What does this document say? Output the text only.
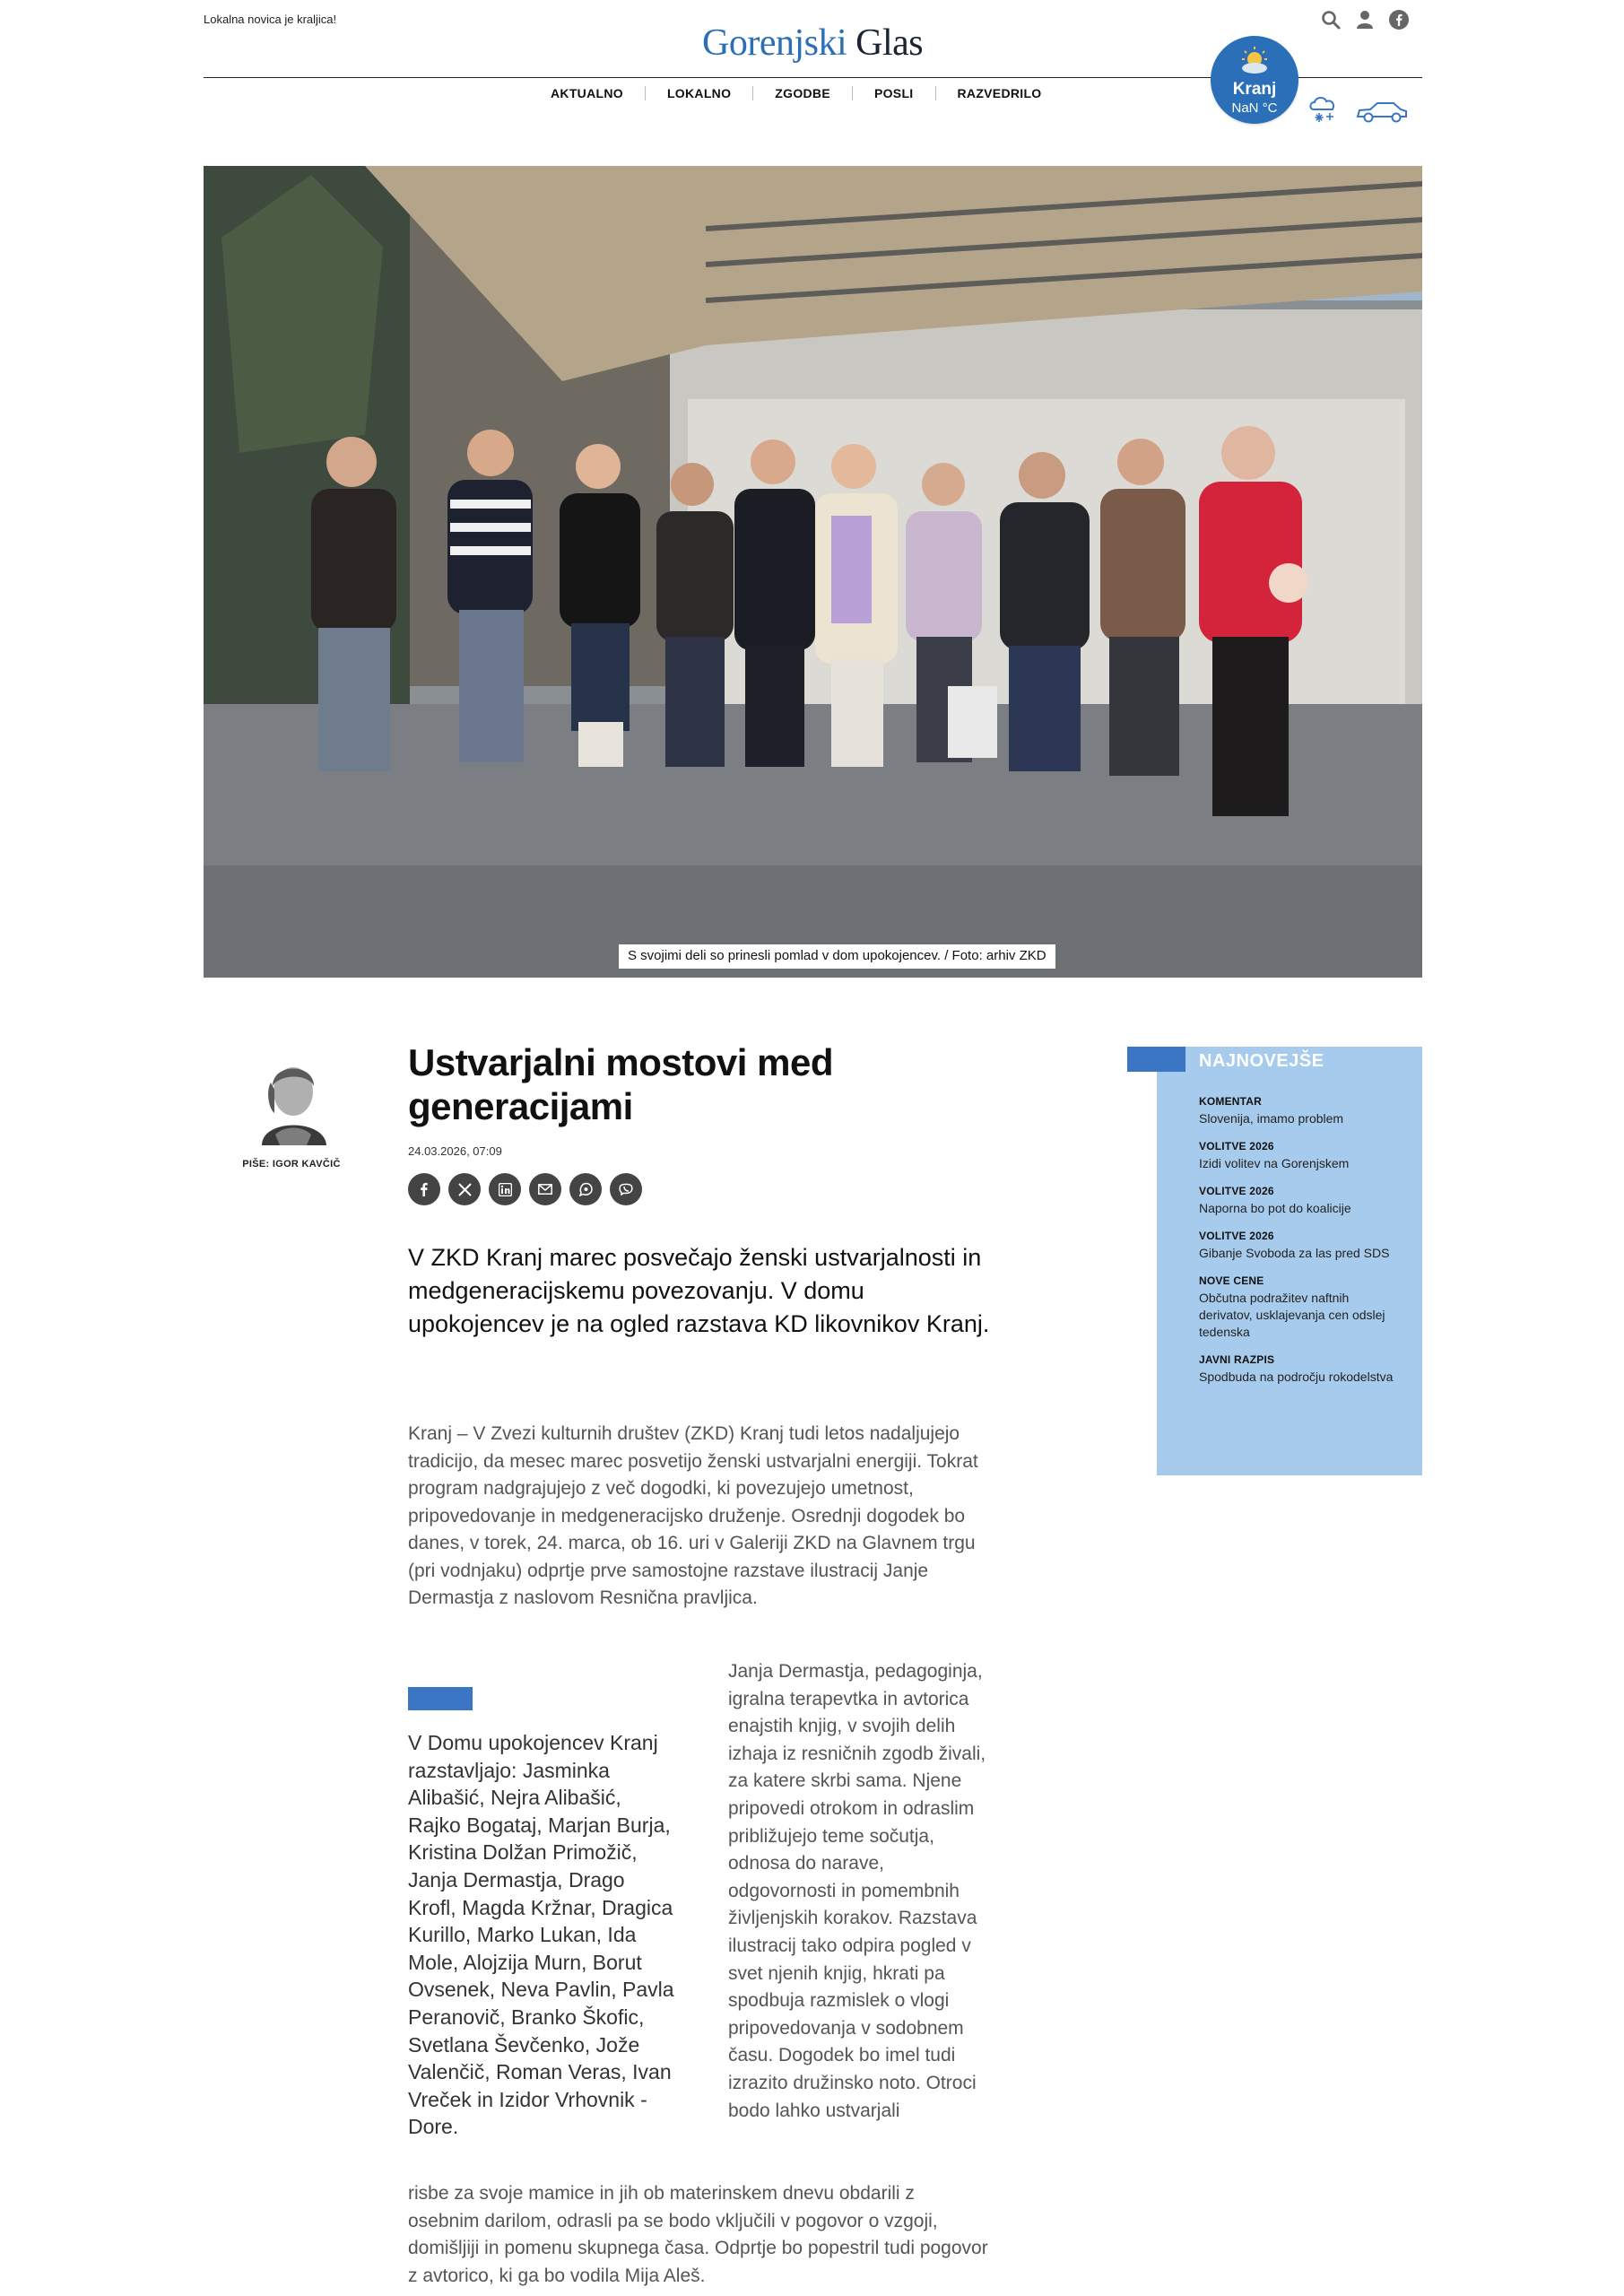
Lokalna novica je kraljica!
Gorenjski Glas
AKTUALNO	LOKALNO	ZGODBE	POSLI	RAZVEDRILO	Kranj
NaN °C
S svojimi deli so prinesli pomlad v dom upokojencev. / Foto: arhiv ZKD
PIŠE: IGOR KAVČIČ
Ustvarjalni mostovi med generacijami
24.03.2026, 07:09

V ZKD Kranj marec posvečajo ženski ustvarjalnosti in medgeneracijskemu povezovanju. V domu upokojencev je na ogled razstava KD likovnikov Kranj.

Kranj – V Zvezi kulturnih društev (ZKD) Kranj tudi letos nadaljujejo tradicijo, da mesec marec posvetijo ženski ustvarjalni energiji. Tokrat program nadgrajujejo z več dogodki, ki povezujejo umetnost, pripovedovanje in medgeneracijsko druženje. Osrednji dogodek bo danes, v torek, 24. marca, ob 16. uri v Galeriji ZKD na Glavnem trgu (pri vodnjaku) odprtje prve samostojne razstave ilustracij Janje Dermastja z naslovom Resnična pravljica.

V Domu upokojencev Kranj razstavljajo: Jasminka Alibašić, Nejra Alibašić, Rajko Bogataj, Marjan Burja, Kristina Dolžan Primožič, Janja Dermastja, Drago Krofl, Magda Kržnar, Dragica Kurillo, Marko Lukan, Ida Mole, Alojzija Murn, Borut Ovsenek, Neva Pavlin, Pavla Peranovič, Branko Škofic, Svetlana Ševčenko, Jože Valenčič, Roman Veras, Ivan Vreček in Izidor Vrhovnik - Dore.

Janja Dermastja, pedagoginja, igralna terapevtka in avtorica enajstih knjig, v svojih delih izhaja iz resničnih zgodb živali, za katere skrbi sama. Njene pripovedi otrokom in odraslim približujejo teme sočutja, odnosa do narave, odgovornosti in pomembnih življenjskih korakov. Razstava ilustracij tako odpira pogled v svet njenih knjig, hkrati pa spodbuja razmislek o vlogi pripovedovanja v sodobnem času. Dogodek bo imel tudi izrazito družinsko noto. Otroci bodo lahko ustvarjali

risbe za svoje mamice in jih ob materinskem dnevu obdarili z osebnim darilom, odrasli pa se bodo vključili v pogovor o vzgoji, domišljiji in pomenu skupnega časa. Odprtje bo popestril tudi pogovor z avtorico, ki ga bo vodila Mija Aleš.

NAJNOVEJŠE
KOMENTAR
Slovenija, imamo problem
VOLITVE 2026
Izidi volitev na Gorenjskem
VOLITVE 2026
Naporna bo pot do koalicije
VOLITVE 2026
Gibanje Svoboda za las pred SDS
NOVE CENE
Občutna podražitev naftnih derivatov, usklajevanja cen odslej tedenska
JAVNI RAZPIS
Spodbuda na področju rokodelstva
